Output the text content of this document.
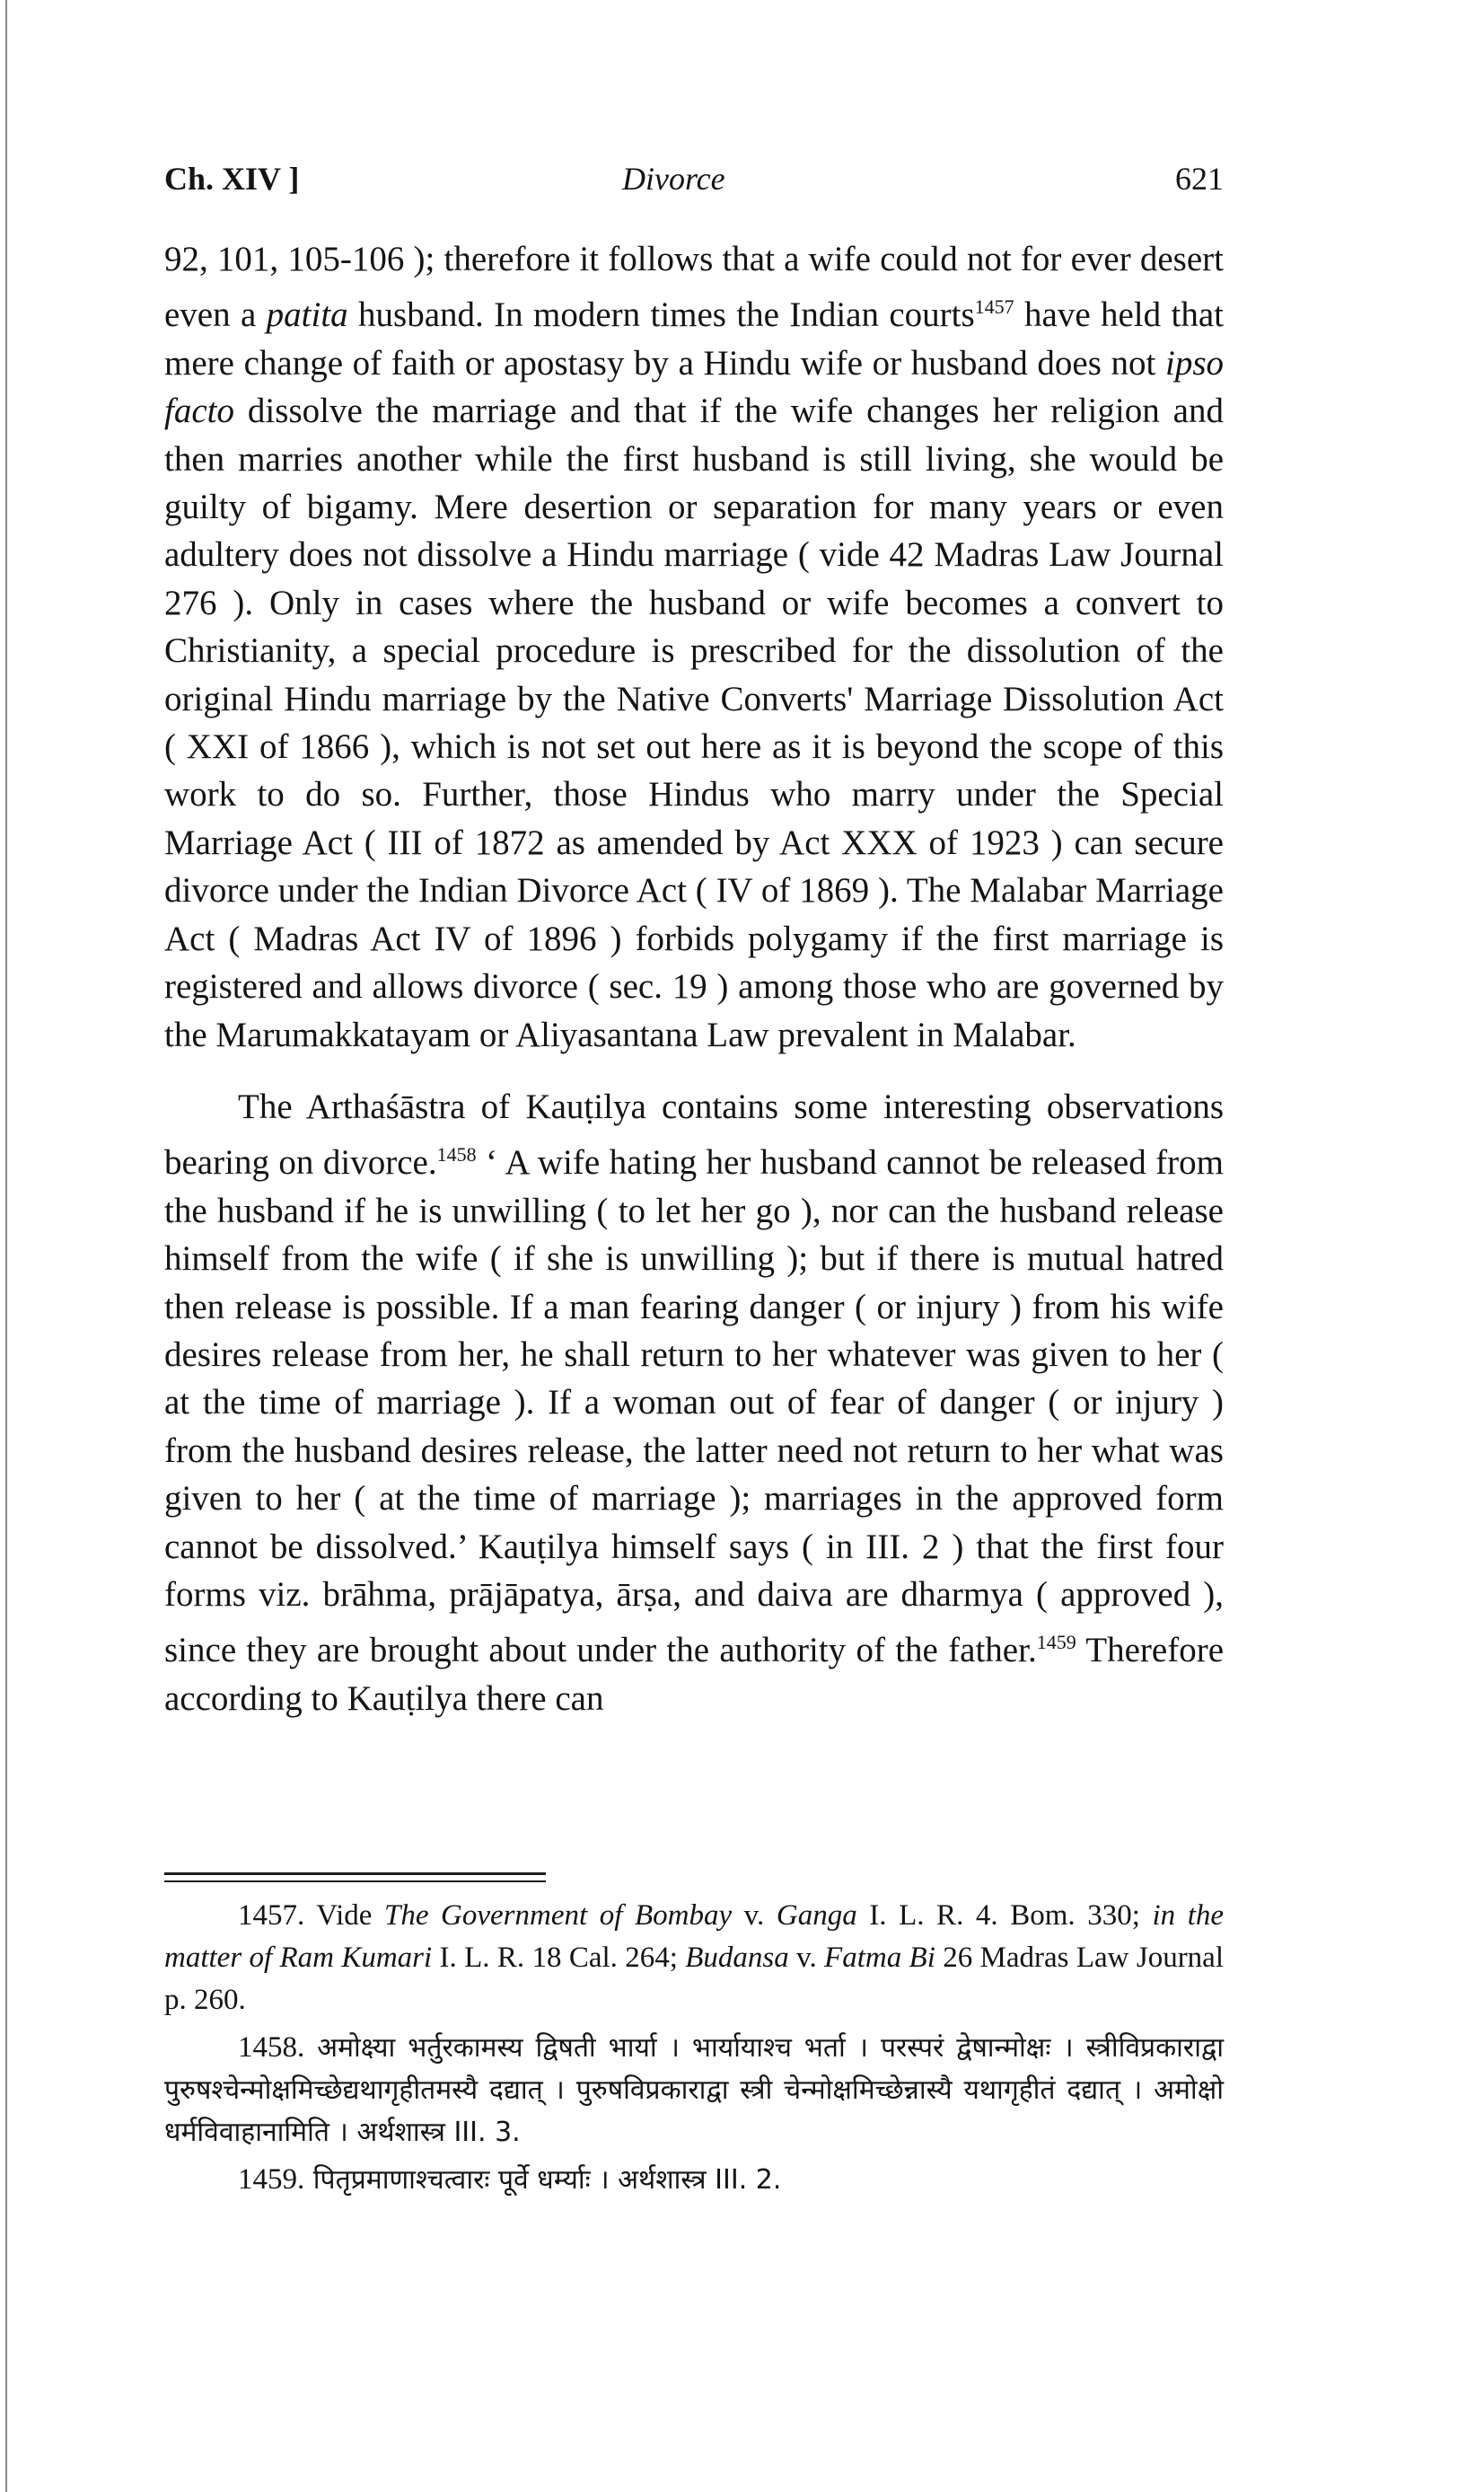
Ch. XIV ]	Divorce	621

92, 101, 105-106 ); therefore it follows that a wife could not for ever desert even a patita husband. In modern times the Indian courts$^{1457}$ have held that mere change of faith or apostasy by a Hindu wife or husband does not ipso facto dissolve the marriage and that if the wife changes her religion and then marries another while the first husband is still living, she would be guilty of bigamy. Mere desertion or separation for many years or even adultery does not dissolve a Hindu marriage ( vide 42 Madras Law Journal 276 ). Only in cases where the husband or wife becomes a convert to Christianity, a special procedure is prescribed for the dissolution of the original Hindu marriage by the Native Converts' Marriage Dissolution Act ( XXI of 1866 ), which is not set out here as it is beyond the scope of this work to do so. Further, those Hindus who marry under the Special Marriage Act ( III of 1872 as amended by Act XXX of 1923 ) can secure divorce under the Indian Divorce Act ( IV of 1869 ). The Malabar Marriage Act ( Madras Act IV of 1896 ) forbids polygamy if the first marriage is registered and allows divorce ( sec. 19 ) among those who are governed by the Marumakkatayam or Aliyasantana Law prevalent in Malabar.

The Arthaśāstra of Kauṭilya contains some interesting observations bearing on divorce.$^{1458}$ ‘ A wife hating her husband cannot be released from the husband if he is unwilling ( to let her go ), nor can the husband release himself from the wife ( if she is unwilling ); but if there is mutual hatred then release is possible. If a man fearing danger ( or injury ) from his wife desires release from her, he shall return to her whatever was given to her ( at the time of marriage ). If a woman out of fear of danger ( or injury ) from the husband desires release, the latter need not return to her what was given to her ( at the time of marriage ); marriages in the approved form cannot be dissolved.’ Kauṭilya himself says ( in III. 2 ) that the first four forms viz. brāhma, prājāpatya, ārṣa, and daiva are dharmya ( approved ), since they are brought about under the authority of the father.$^{1459}$ Therefore according to Kauṭilya there can

1457. Vide The Government of Bombay v. Ganga I. L. R. 4. Bom. 330; in the matter of Ram Kumari I. L. R. 18 Cal. 264; Budansa v. Fatma Bi 26 Madras Law Journal p. 260.

1458. अमोक्ष्या भर्तुरकामस्य द्विषती भार्या । भार्यायाश्च भर्ता । परस्परं द्वेषान्मोक्षः । स्त्रीविप्रकाराद्वा पुरुषश्चेन्मोक्षमिच्छेद्यथागृहीतमस्यै दद्यात् । पुरुषविप्रकाराद्वा स्त्री चेन्मोक्षमिच्छेन्नास्यै यथागृहीतं दद्यात् । अमोक्षो धर्मविवाहानामिति । अर्थशास्त्र III. 3.

1459. पितृप्रमाणाश्चत्वारः पूर्वे धर्म्याः । अर्थशास्त्र III. 2.
